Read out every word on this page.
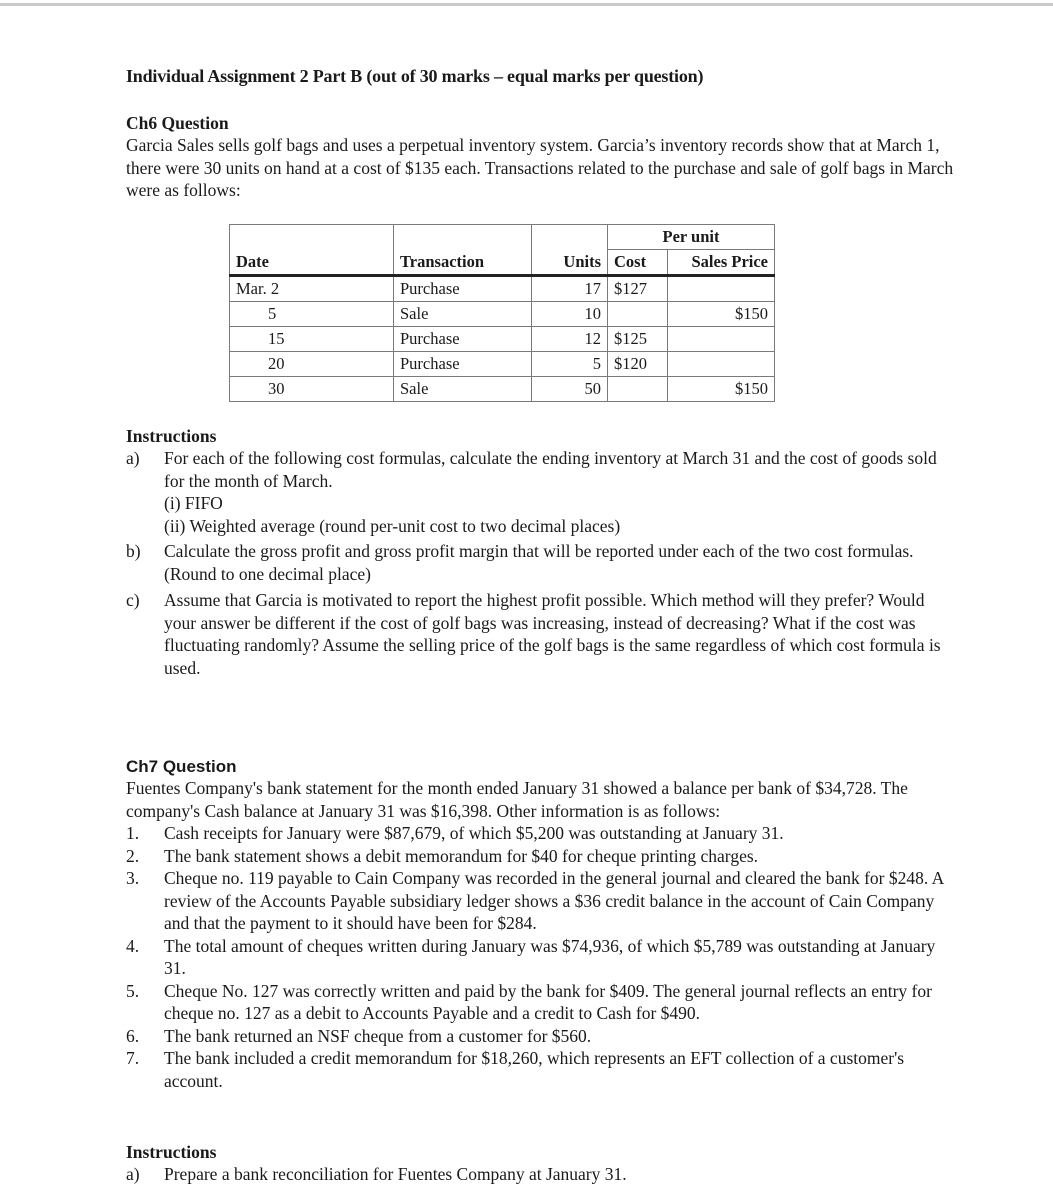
Individual Assignment 2 Part B (out of 30 marks – equal marks per question)
Ch6 Question
Garcia Sales sells golf bags and uses a perpetual inventory system. Garcia’s inventory records show that at March 1, there were 30 units on hand at a cost of $135 each. Transactions related to the purchase and sale of golf bags in March were as follows:
			Per unit	
Date	Transaction	Units	Cost	Sales Price
Mar. 2	Purchase	17	$127	
5	Sale	10		$150
15	Purchase	12	$125	
20	Purchase	5	$120	
30	Sale	50		$150
Instructions
a) For each of the following cost formulas, calculate the ending inventory at March 31 and the cost of goods sold for the month of March.
(i) FIFO
(ii) Weighted average (round per-unit cost to two decimal places)
b) Calculate the gross profit and gross profit margin that will be reported under each of the two cost formulas. (Round to one decimal place)
c) Assume that Garcia is motivated to report the highest profit possible. Which method will they prefer? Would your answer be different if the cost of golf bags was increasing, instead of decreasing? What if the cost was fluctuating randomly? Assume the selling price of the golf bags is the same regardless of which cost formula is used.
Ch7 Question
Fuentes Company's bank statement for the month ended January 31 showed a balance per bank of $34,728. The company's Cash balance at January 31 was $16,398. Other information is as follows:
1. Cash receipts for January were $87,679, of which $5,200 was outstanding at January 31.
2. The bank statement shows a debit memorandum for $40 for cheque printing charges.
3. Cheque no. 119 payable to Cain Company was recorded in the general journal and cleared the bank for $248. A review of the Accounts Payable subsidiary ledger shows a $36 credit balance in the account of Cain Company and that the payment to it should have been for $284.
4. The total amount of cheques written during January was $74,936, of which $5,789 was outstanding at January 31.
5. Cheque No. 127 was correctly written and paid by the bank for $409. The general journal reflects an entry for cheque no. 127 as a debit to Accounts Payable and a credit to Cash for $490.
6. The bank returned an NSF cheque from a customer for $560.
7. The bank included a credit memorandum for $18,260, which represents an EFT collection of a customer's account.
Instructions
a) Prepare a bank reconciliation for Fuentes Company at January 31.
